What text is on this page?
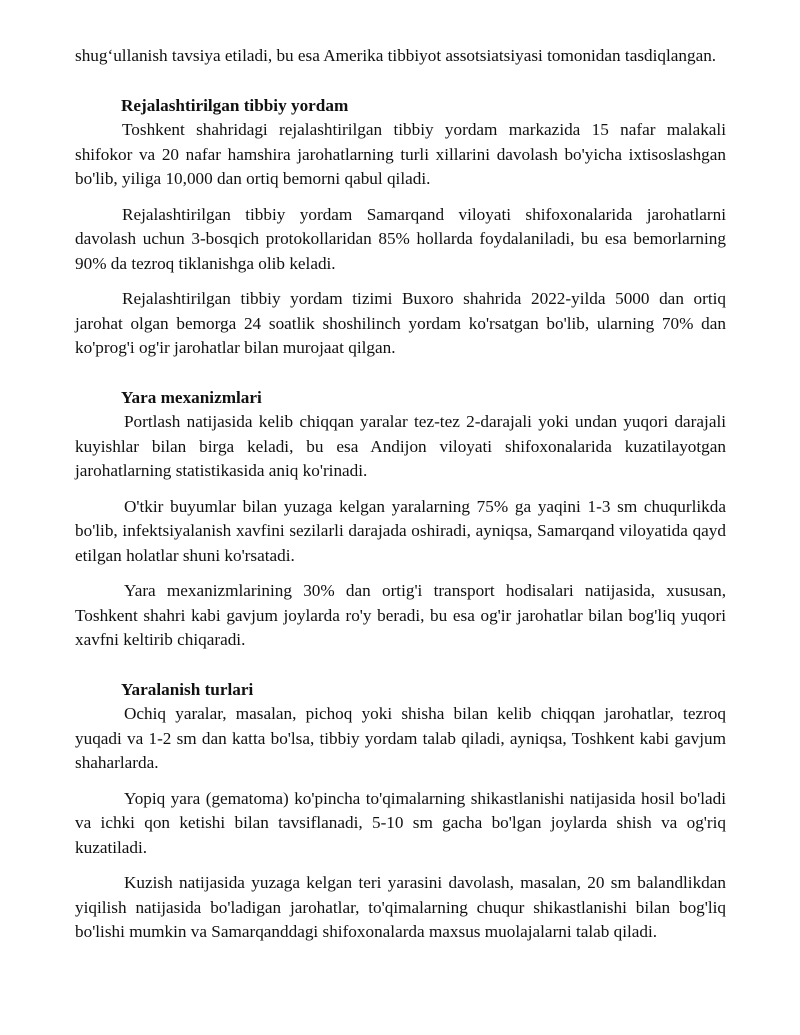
shug‘ullanish tavsiya etiladi, bu esa Amerika tibbiyot assotsiatsiyasi tomonidan tasdiqlangan.

Rejalashtirilgan tibbiy yordam

Toshkent shahridagi rejalashtirilgan tibbiy yordam markazida 15 nafar malakali shifokor va 20 nafar hamshira jarohatlarning turli xillarini davolash bo'yicha ixtisoslashgan bo'lib, yiliga 10,000 dan ortiq bemorni qabul qiladi.

Rejalashtirilgan tibbiy yordam Samarqand viloyati shifoxonalarida jarohatlarni davolash uchun 3-bosqich protokollaridan 85% hollarda foydalaniladi, bu esa bemorlarning 90% da tezroq tiklanishga olib keladi.

Rejalashtirilgan tibbiy yordam tizimi Buxoro shahrida 2022-yilda 5000 dan ortiq jarohat olgan bemorga 24 soatlik shoshilinch yordam ko'rsatgan bo'lib, ularning 70% dan ko'prog'i og'ir jarohatlar bilan murojaat qilgan.

Yara mexanizmlari

Portlash natijasida kelib chiqqan yaralar tez-tez 2-darajali yoki undan yuqori darajali kuyishlar bilan birga keladi, bu esa Andijon viloyati shifoxonalarida kuzatilayotgan jarohatlarning statistikasida aniq ko'rinadi.

O'tkir buyumlar bilan yuzaga kelgan yaralarning 75% ga yaqini 1-3 sm chuqurlikda bo'lib, infektsiyalanish xavfini sezilarli darajada oshiradi, ayniqsa, Samarqand viloyatida qayd etilgan holatlar shuni ko'rsatadi.

Yara mexanizmlarining 30% dan ortig'i transport hodisalari natijasida, xususan, Toshkent shahri kabi gavjum joylarda ro'y beradi, bu esa og'ir jarohatlar bilan bog'liq yuqori xavfni keltirib chiqaradi.

Yaralanish turlari

Ochiq yaralar, masalan, pichoq yoki shisha bilan kelib chiqqan jarohatlar, tezroq yuqadi va 1-2 sm dan katta bo'lsa, tibbiy yordam talab qiladi, ayniqsa, Toshkent kabi gavjum shaharlarda.

Yopiq yara (gematoma) ko'pincha to'qimalarning shikastlanishi natijasida hosil bo'ladi va ichki qon ketishi bilan tavsiflanadi, 5-10 sm gacha bo'lgan joylarda shish va og'riq kuzatiladi.

Kuzish natijasida yuzaga kelgan teri yarasini davolash, masalan, 20 sm balandlikdan yiqilish natijasida bo'ladigan jarohatlar, to'qimalarning chuqur shikastlanishi bilan bog'liq bo'lishi mumkin va Samarqanddagi shifoxonalarda maxsus muolajalarni talab qiladi.
